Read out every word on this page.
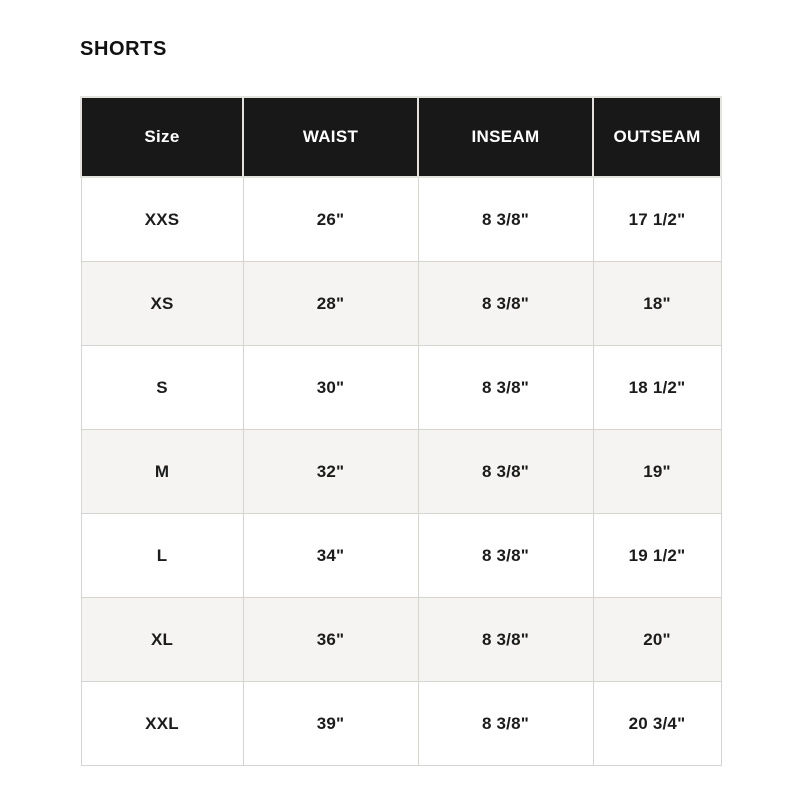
SHORTS
Size	WAIST	INSEAM	OUTSEAM
XXS	26"	8 3/8"	17 1/2"
XS	28"	8 3/8"	18"
S	30"	8 3/8"	18 1/2"
M	32"	8 3/8"	19"
L	34"	8 3/8"	19 1/2"
XL	36"	8 3/8"	20"
XXL	39"	8 3/8"	20 3/4"
